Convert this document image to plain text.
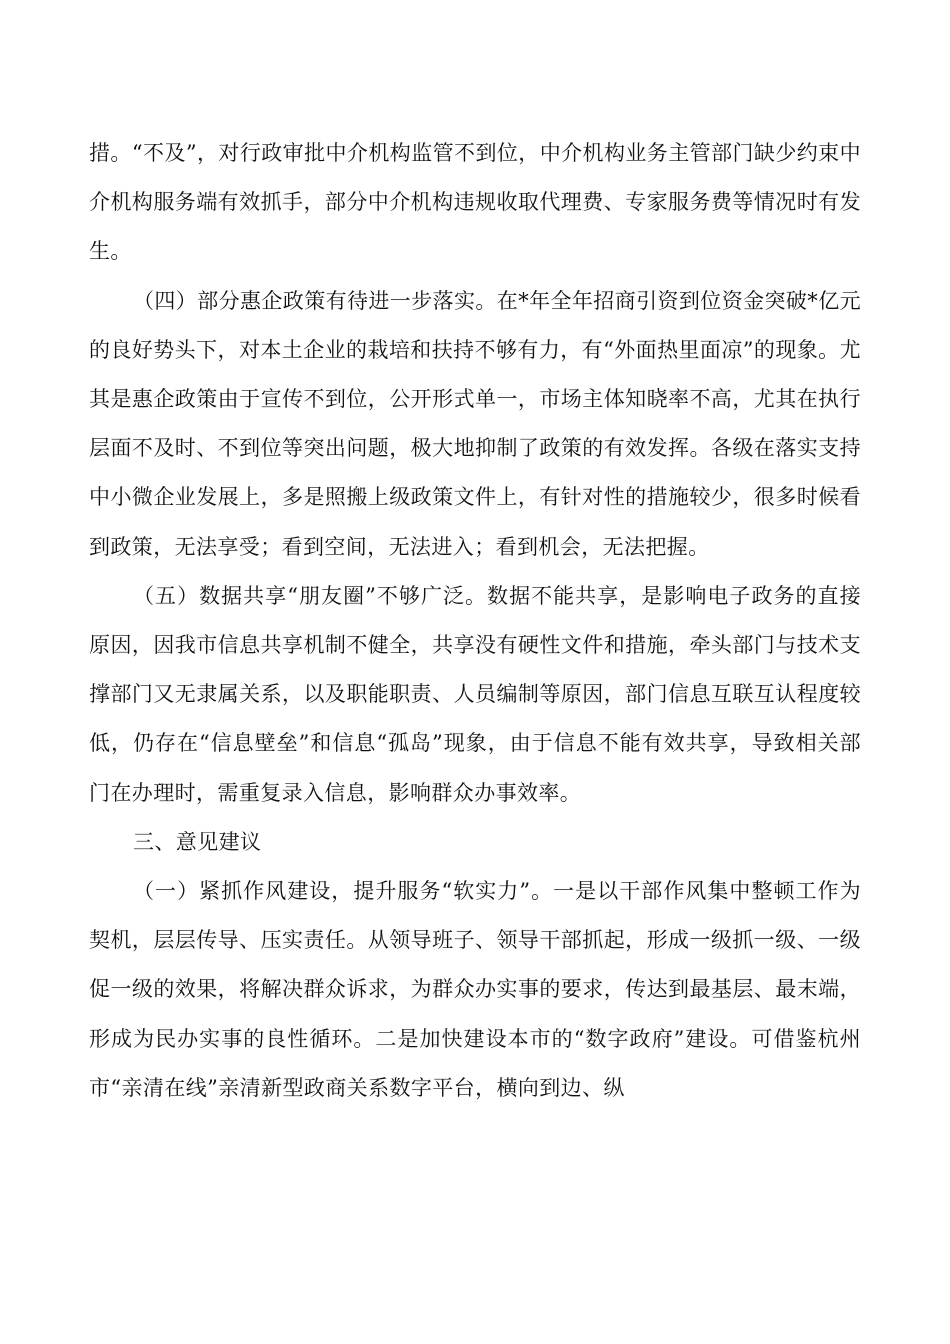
措。“不及”，对行政审批中介机构监管不到位，中介机构业务主管部门缺少约束中介机构服务端有效抓手，部分中介机构违规收取代理费、专家服务费等情况时有发生。

（四）部分惠企政策有待进一步落实。在*年全年招商引资到位资金突破*亿元的良好势头下，对本土企业的栽培和扶持不够有力，有“外面热里面凉”的现象。尤其是惠企政策由于宣传不到位，公开形式单一，市场主体知晓率不高，尤其在执行层面不及时、不到位等突出问题，极大地抑制了政策的有效发挥。各级在落实支持中小微企业发展上，多是照搬上级政策文件上，有针对性的措施较少，很多时候看到政策，无法享受；看到空间，无法进入；看到机会，无法把握。

（五）数据共享“朋友圈”不够广泛。数据不能共享，是影响电子政务的直接原因，因我市信息共享机制不健全，共享没有硬性文件和措施，牵头部门与技术支撑部门又无隶属关系，以及职能职责、人员编制等原因，部门信息互联互认程度较低，仍存在“信息壁垒”和信息“孤岛”现象，由于信息不能有效共享，导致相关部门在办理时，需重复录入信息，影响群众办事效率。

三、意见建议

（一）紧抓作风建设，提升服务“软实力”。一是以干部作风集中整顿工作为契机，层层传导、压实责任。从领导班子、领导干部抓起，形成一级抓一级、一级促一级的效果，将解决群众诉求，为群众办实事的要求，传达到最基层、最末端，形成为民办实事的良性循环。二是加快建设本市的“数字政府”建设。可借鉴杭州市“亲清在线”亲清新型政商关系数字平台，横向到边、纵
